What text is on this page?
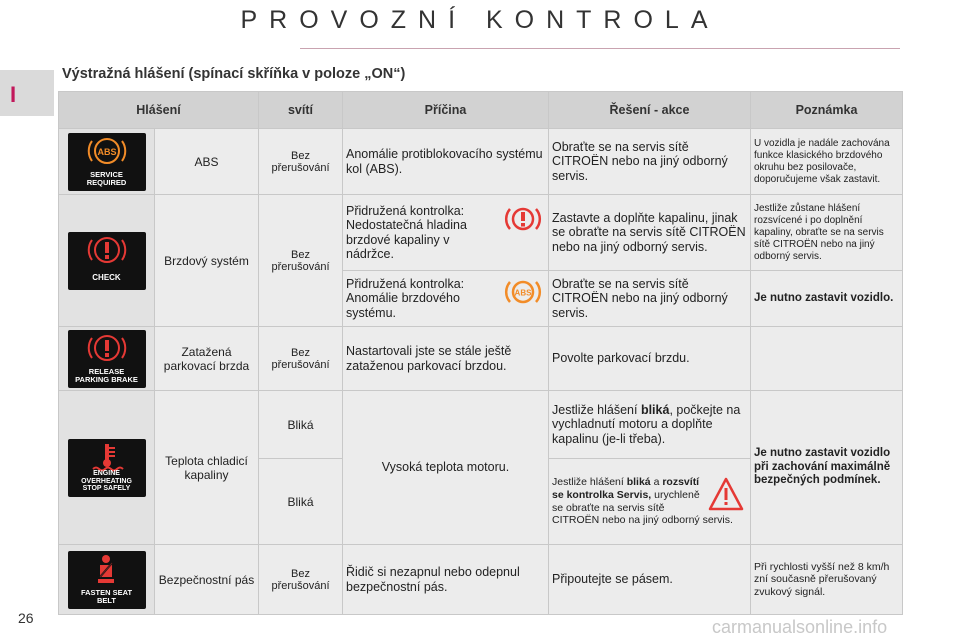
PROVOZNÍ KONTROLA
I
Výstražná hlášení (spínací skříňka v poloze „ON“)
Hlášení		svítí	Příčina	Řešení - akce	Poznámka

ABS
SERVICE
REQUIRED	ABS	Bez přerušování	Anomálie protiblokovacího systému kol (ABS).	Obraťte se na servis sítě CITROËN nebo na jiný odborný servis.	U vozidla je nadále zachována funkce klasického brzdového okruhu bez posilovače, doporučujeme však zastavit.

CHECK	Brzdový systém	Bez přerušování	Přidružená kontrolka:
Nedostatečná hladina brzdové kapaliny v nádržce.	Zastavte a doplňte kapalinu, jinak se obraťte na servis sítě CITROËN nebo na jiný odborný servis.	Jestliže zůstane hlášení rozsvícené i po doplnění kapaliny, obraťte se na servis sítě CITROËN nebo na jiný odborný servis.

ABS
Přidružená kontrolka:
Anomálie brzdového systému.	Obraťte se na servis sítě CITROËN nebo na jiný odborný servis.	Je nutno zastavit vozidlo.

RELEASE
PARKING BRAKE	Zatažená parkovací brzda	Bez přerušování	Nastartovali jste se stále ještě zataženou parkovací brzdou.	Povolte parkovací brzdu.	

ENGINE OVERHEATING
STOP SAFELY	Teplota chladicí kapaliny	Bliká	Vysoká teplota motoru.	Jestliže hlášení bliká, počkejte na vychladnutí motoru a doplňte kapalinu (je-li třeba).	Je nutno zastavit vozidlo při zachování maximálně bezpečných podmínek.
		Bliká		Jestliže hlášení bliká a rozsvítí se kontrolka Servis, urychleně se obraťte na servis sítě CITROËN nebo na jiný odborný servis.	

FASTEN SEAT
BELT	Bezpečnostní pás	Bez přerušování	Řidič si nezapnul nebo odepnul bezpečnostní pás.	Připoutejte se pásem.	Při rychlosti vyšší než 8 km/h zní současně přerušovaný zvukový signál.
26	carmanualsonline.info
